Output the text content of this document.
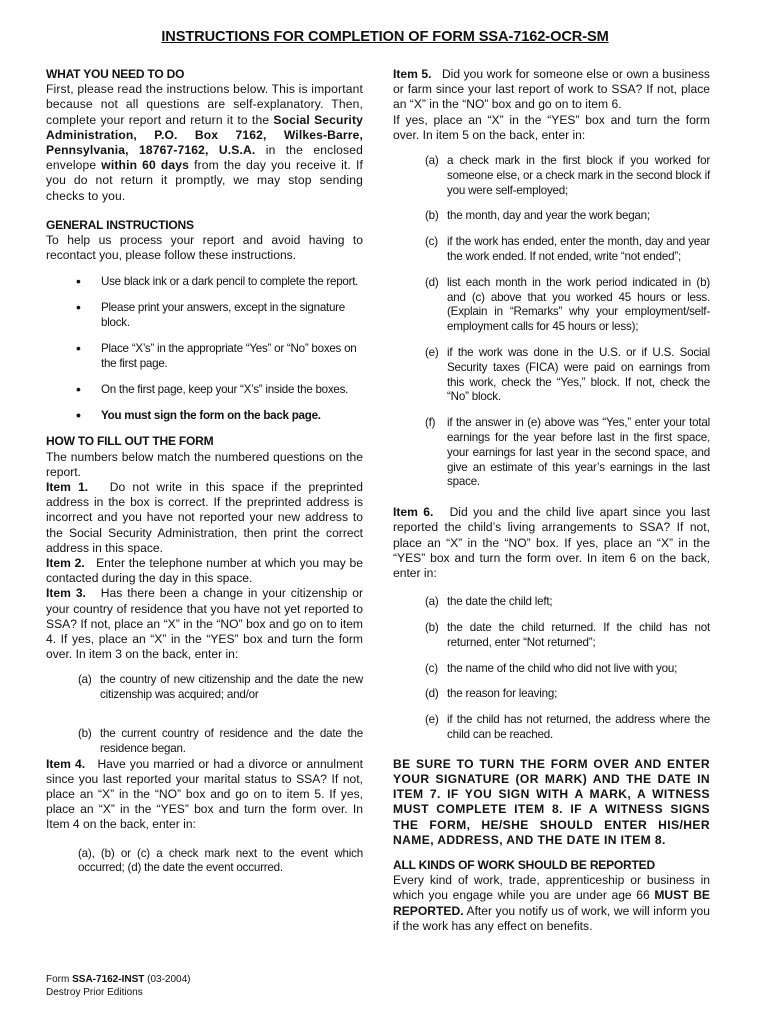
INSTRUCTIONS FOR COMPLETION OF FORM SSA-7162-OCR-SM
WHAT YOU NEED TO DO

First, please read the instructions below. This is important because not all questions are self-explanatory. Then, complete your report and return it to the Social Security Administration, P.O. Box 7162, Wilkes-Barre, Pennsylvania, 18767-7162, U.S.A. in the enclosed envelope within 60 days from the day you receive it. If you do not return it promptly, we may stop sending checks to you.

GENERAL INSTRUCTIONS

To help us process your report and avoid having to recontact you, please follow these instructions.

• Use black ink or a dark pencil to complete the report.
• Please print your answers, except in the signature block.
• Place “X’s” in the appropriate “Yes” or “No” boxes on the first page.
• On the first page, keep your “X’s” inside the boxes.
• You must sign the form on the back page.
HOW TO FILL OUT THE FORM

The numbers below match the numbered questions on the report.

Item 1. Do not write in this space if the preprinted address in the box is correct. If the preprinted address is incorrect and you have not reported your new address to the Social Security Administration, then print the correct address in this space.

Item 2. Enter the telephone number at which you may be contacted during the day in this space.

Item 3. Has there been a change in your citizenship or your country of residence that you have not yet reported to SSA? If not, place an “X” in the “NO” box and go on to item 4. If yes, place an “X” in the “YES” box and turn the form over. In item 3 on the back, enter in:

(a) the country of new citizenship and the date the new citizenship was acquired; and/or
(b) the current country of residence and the date the residence began.

Item 4. Have you married or had a divorce or annulment since you last reported your marital status to SSA? If not, place an “X” in the “NO” box and go on to item 5. If yes, place an “X” in the “YES” box and turn the form over. In Item 4 on the back, enter in:

(a), (b) or (c) a check mark next to the event which occurred; (d) the date the event occurred.

Item 5. Did you work for someone else or own a business or farm since your last report of work to SSA? If not, place an “X” in the “NO” box and go on to item 6.

If yes, place an “X” in the “YES” box and turn the form over. In item 5 on the back, enter in:

(a) a check mark in the first block if you worked for someone else, or a check mark in the second block if you were self-employed;
(b) the month, day and year the work began;
(c) if the work has ended, enter the month, day and year the work ended. If not ended, write “not ended”;
(d) list each month in the work period indicated in (b) and (c) above that you worked 45 hours or less. (Explain in “Remarks” why your employment/self-employment calls for 45 hours or less);
(e) if the work was done in the U.S. or if U.S. Social Security taxes (FICA) were paid on earnings from this work, check the “Yes,” block. If not, check the “No” block.
(f)	if the answer in (e) above was “Yes,” enter your total earnings for the year before last in the first space, your earnings for last year in the second space, and give an estimate of this year’s earnings in the last space.

Item 6. Did you and the child live apart since you last reported the child’s living arrangements to SSA? If not, place an “X” in the “NO” box. If yes, place an “X” in the “YES” box and turn the form over. In item 6 on the back, enter in:

(a) the date the child left;
(b) the date the child returned. If the child has not returned, enter “Not returned”;
(c) the name of the child who did not live with you;
(d) the reason for leaving;
(e) if the child has not returned, the address where the child can be reached.

BE SURE TO TURN THE FORM OVER AND ENTER YOUR SIGNATURE (OR MARK) AND THE DATE IN ITEM 7. IF YOU SIGN WITH A MARK, A WITNESS MUST COMPLETE ITEM 8. IF A WITNESS SIGNS THE FORM, HE/SHE SHOULD ENTER HIS/HER NAME, ADDRESS, AND THE DATE IN ITEM 8.

ALL KINDS OF WORK SHOULD BE REPORTED

Every kind of work, trade, apprenticeship or business in which you engage while you are under age 66 MUST BE REPORTED. After you notify us of work, we will inform you if the work has any effect on benefits.

Form SSA-7162-INST (03-2004)
Destroy Prior Editions
